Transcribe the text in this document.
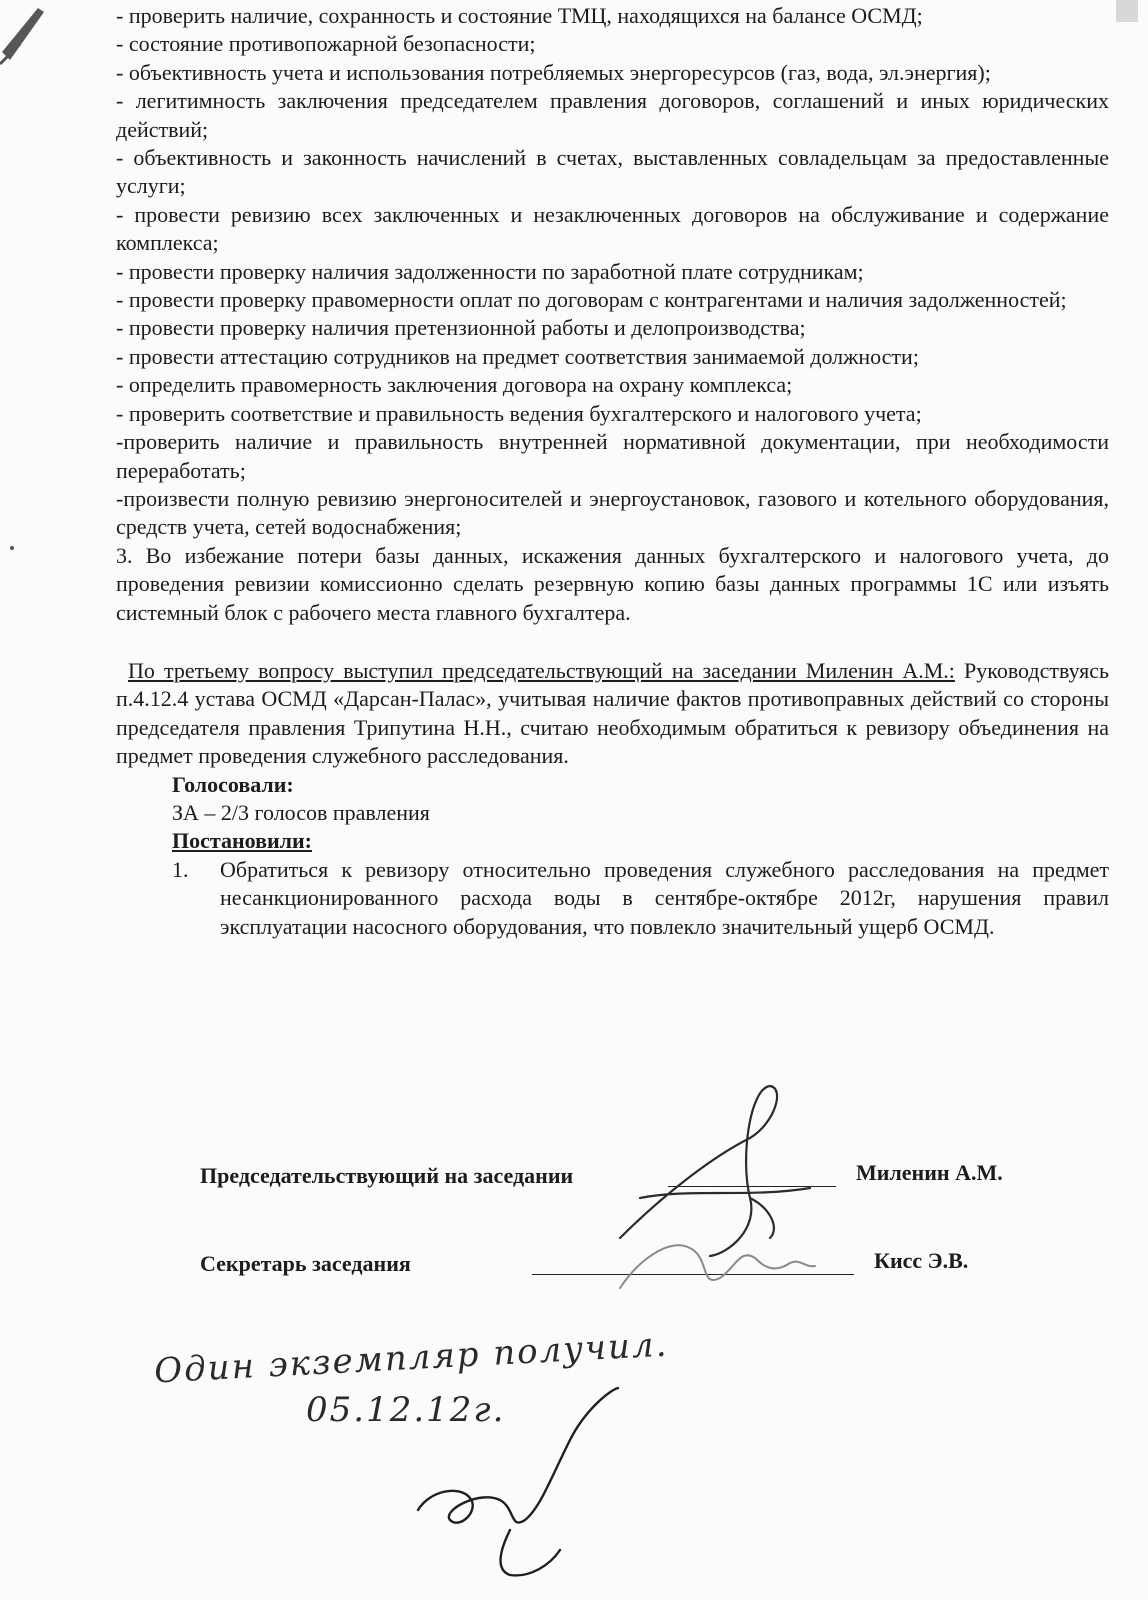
- проверить наличие, сохранность и состояние ТМЦ, находящихся на балансе ОСМД;

- состояние противопожарной безопасности;

- объективность учета и использования потребляемых энергоресурсов (газ, вода, эл.энергия);

- легитимность заключения председателем правления договоров, соглашений и иных юридических действий;

- объективность и законность начислений в счетах, выставленных совладельцам за предоставленные услуги;

- провести ревизию всех заключенных и незаключенных договоров на обслуживание и содержание комплекса;

- провести проверку наличия задолженности по заработной плате сотрудникам;

- провести проверку правомерности оплат по договорам с контрагентами и наличия задолженностей;

- провести проверку наличия претензионной работы и делопроизводства;

- провести аттестацию сотрудников на предмет соответствия занимаемой должности;

- определить правомерность заключения договора на охрану комплекса;

- проверить соответствие и правильность ведения бухгалтерского и налогового учета;

-проверить наличие и правильность внутренней нормативной документации, при необходимости переработать;

-произвести полную ревизию энергоносителей и энергоустановок, газового и котельного оборудования, средств учета, сетей водоснабжения;

3. Во избежание потери базы данных, искажения данных бухгалтерского и налогового учета, до проведения ревизии комиссионно сделать резервную копию базы данных программы 1С или изъять системный блок с рабочего места главного бухгалтера.

По третьему вопросу выступил председательствующий на заседании Миленин А.М.: Руководствуясь п.4.12.4 устава ОСМД «Дарсан-Палас», учитывая наличие фактов противоправных действий со стороны председателя правления Трипутина Н.Н., считаю необходимым обратиться к ревизору объединения на предмет проведения служебного расследования.

Голосовали:

ЗА – 2/3 голосов правления

Постановили:

1.	Обратиться к ревизору относительно проведения служебного расследования на предмет несанкционированного расхода воды в сентябре-октябре 2012г, нарушения правил эксплуатации насосного оборудования, что повлекло значительный ущерб ОСМД.
Председательствующий на заседании	Миленин А.М.
Секретарь заседания	Кисс Э.В.
Один экземпляр получил.
05.12.12г.
